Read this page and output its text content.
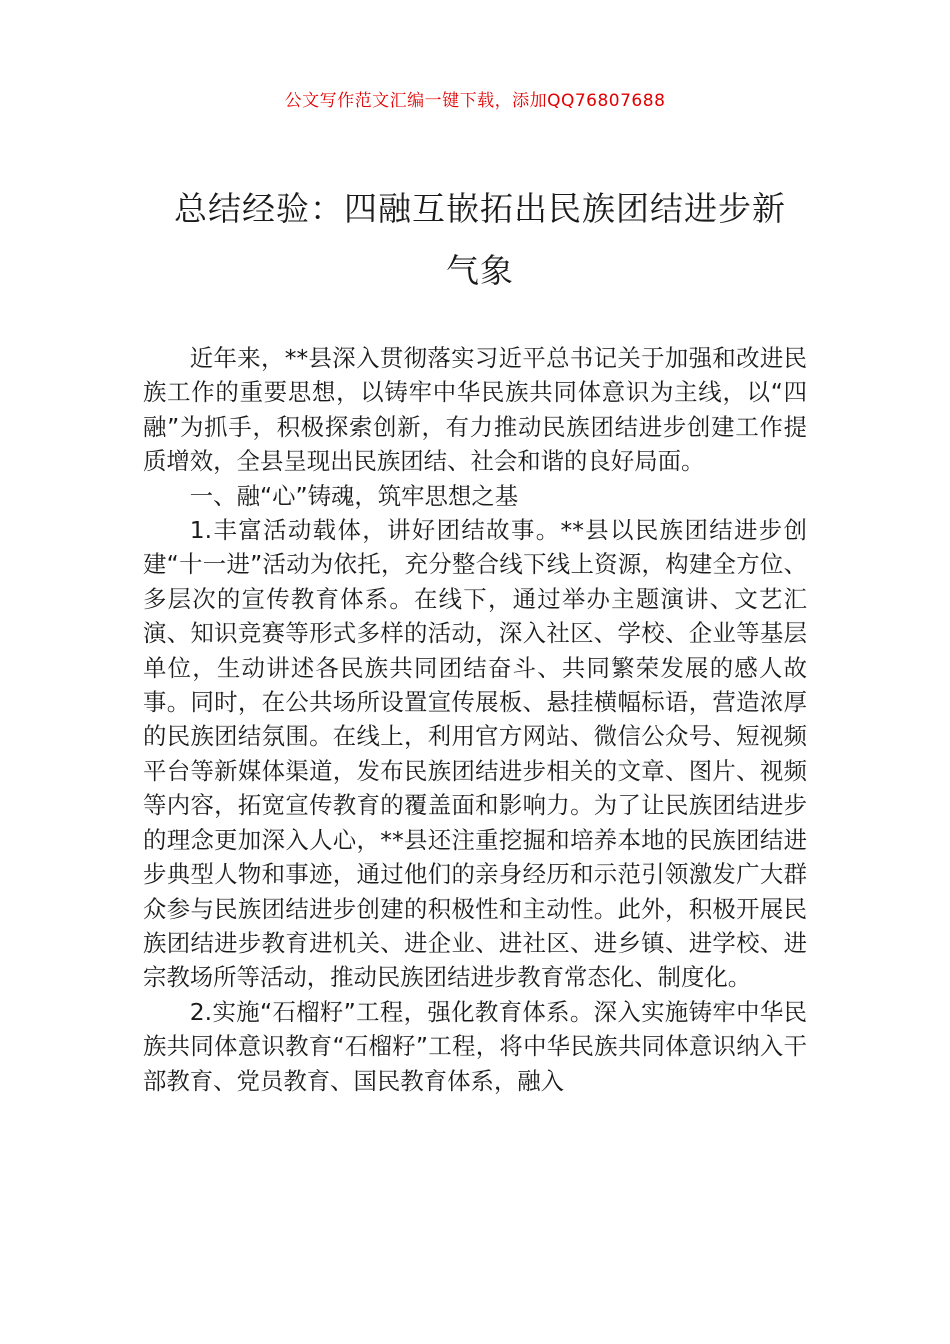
公文写作范文汇编一键下载，添加QQ76807688
总结经验：四融互嵌拓出民族团结进步新
气象

近年来，**县深入贯彻落实习近平总书记关于加强和改进民族工作的重要思想，以铸牢中华民族共同体意识为主线，以“四融”为抓手，积极探索创新，有力推动民族团结进步创建工作提质增效，全县呈现出民族团结、社会和谐的良好局面。

一、融“心”铸魂，筑牢思想之基

1.丰富活动载体，讲好团结故事。**县以民族团结进步创建“十一进”活动为依托，充分整合线下线上资源，构建全方位、多层次的宣传教育体系。在线下，通过举办主题演讲、文艺汇演、知识竞赛等形式多样的活动，深入社区、学校、企业等基层单位，生动讲述各民族共同团结奋斗、共同繁荣发展的感人故事。同时，在公共场所设置宣传展板、悬挂横幅标语，营造浓厚的民族团结氛围。在线上，利用官方网站、微信公众号、短视频平台等新媒体渠道，发布民族团结进步相关的文章、图片、视频等内容，拓宽宣传教育的覆盖面和影响力。为了让民族团结进步的理念更加深入人心，**县还注重挖掘和培养本地的民族团结进步典型人物和事迹，通过他们的亲身经历和示范引领激发广大群众参与民族团结进步创建的积极性和主动性。此外，积极开展民族团结进步教育进机关、进企业、进社区、进乡镇、进学校、进宗教场所等活动，推动民族团结进步教育常态化、制度化。

2.实施“石榴籽”工程，强化教育体系。深入实施铸牢中华民族共同体意识教育“石榴籽”工程，将中华民族共同体意识纳入干部教育、党员教育、国民教育体系，融入
